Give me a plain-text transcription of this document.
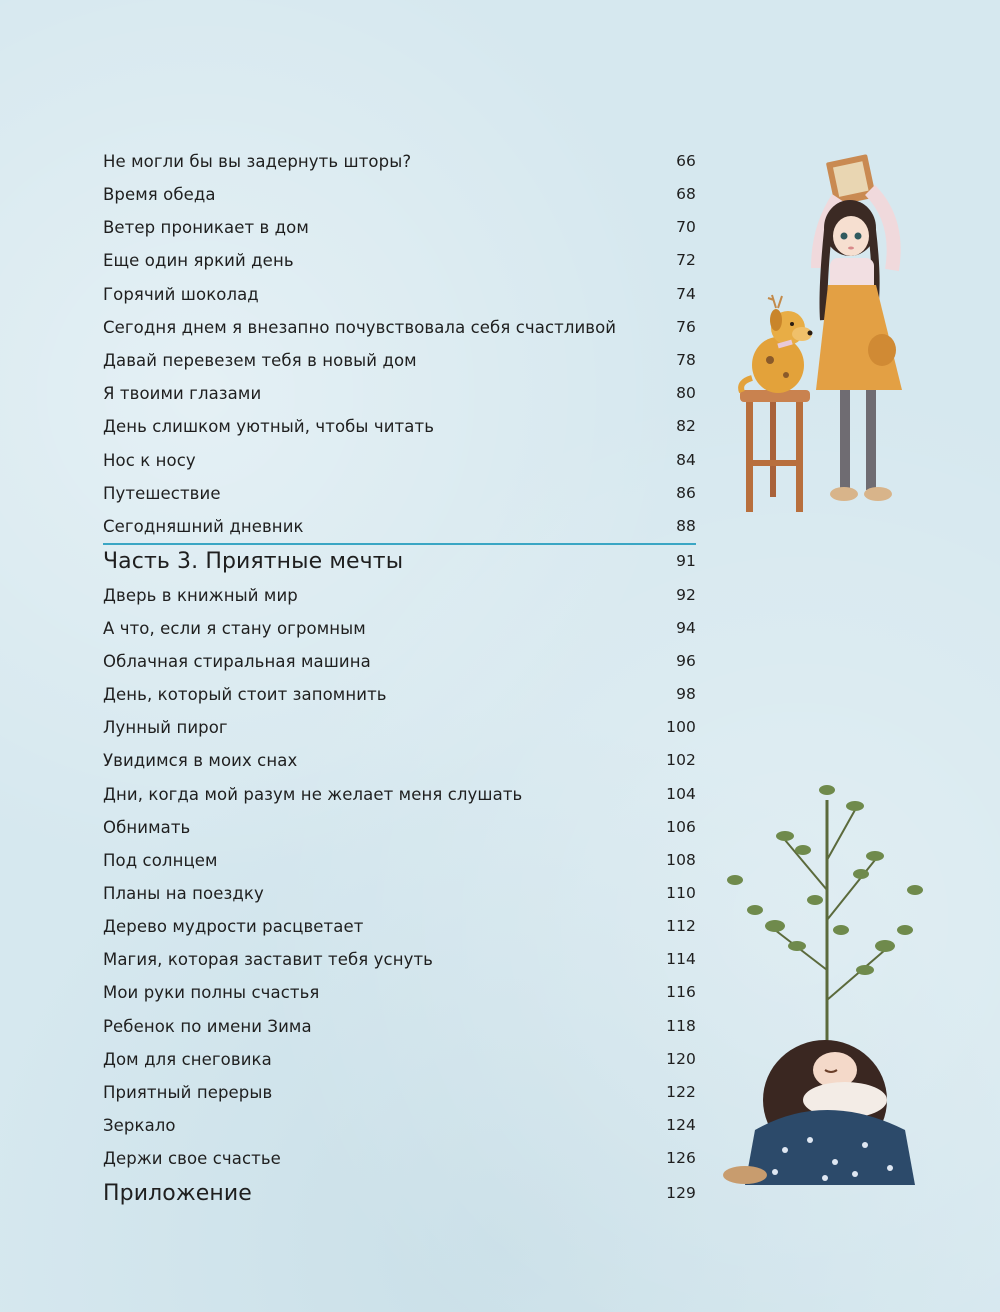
Не могли бы вы задернуть шторы?	66
Время обеда	68
Ветер проникает в дом	70
Еще один яркий день	72
Горячий шоколад	74
Сегодня днем я внезапно почувствовала себя счастливой	76
Давай перевезем тебя в новый дом	78
Я твоими глазами	80
День слишком уютный, чтобы читать	82
Нос к носу	84
Путешествие	86
Сегодняшний дневник	88
Часть 3. Приятные мечты	91
Дверь в книжный мир	92
А что, если я стану огромным	94
Облачная стиральная машина	96
День, который стоит запомнить	98
Лунный пирог	100
Увидимся в моих снах	102
Дни, когда мой разум не желает меня слушать	104
Обнимать	106
Под солнцем	108
Планы на поездку	110
Дерево мудрости расцветает	112
Магия, которая заставит тебя уснуть	114
Мои руки полны счастья	116
Ребенок по имени Зима	118
Дом для снеговика	120
Приятный перерыв	122
Зеркало	124
Держи свое счастье	126
Приложение	129
